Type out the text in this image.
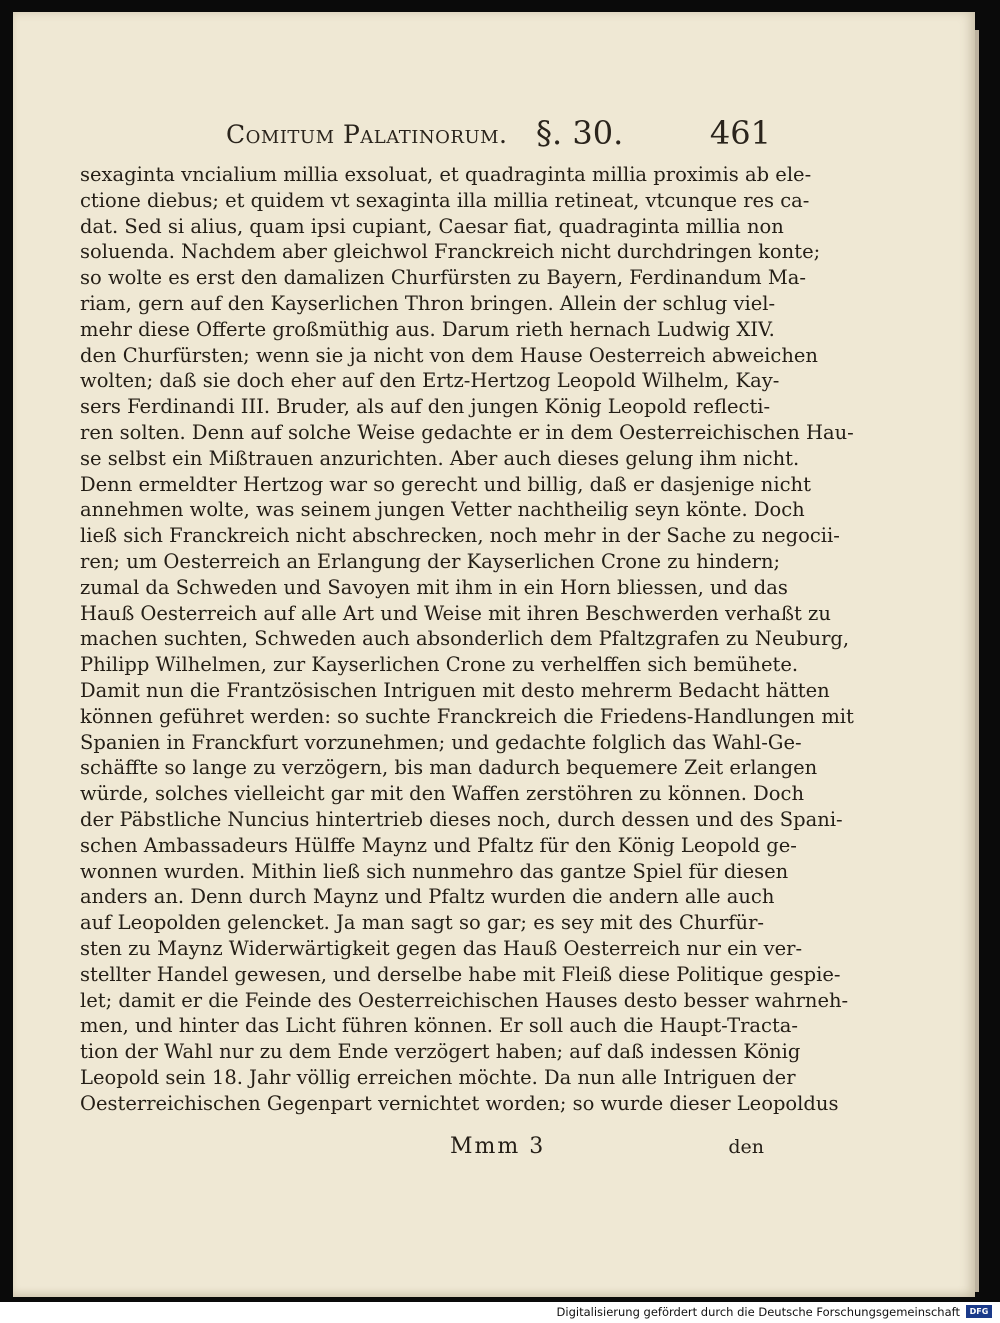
Comitum Palatinorum. §. 30.	461
sexaginta vncialium millia exsoluat, et quadraginta millia proximis ab ele-
ctione diebus; et quidem vt sexaginta illa millia retineat, vtcunque res ca-
dat. Sed si alius, quam ipsi cupiant, Caesar fiat, quadraginta millia non
soluenda. Nachdem aber gleichwol Franckreich nicht durchdringen konte;
so wolte es erst den damalizen Churfürsten zu Bayern, Ferdinandum Ma-
riam, gern auf den Kayserlichen Thron bringen. Allein der schlug viel-
mehr diese Offerte großmüthig aus. Darum rieth hernach Ludwig XIV.
den Churfürsten; wenn sie ja nicht von dem Hause Oesterreich abweichen
wolten; daß sie doch eher auf den Ertz-Hertzog Leopold Wilhelm, Kay-
sers Ferdinandi III. Bruder, als auf den jungen König Leopold reflecti-
ren solten. Denn auf solche Weise gedachte er in dem Oesterreichischen Hau-
se selbst ein Mißtrauen anzurichten. Aber auch dieses gelung ihm nicht.
Denn ermeldter Hertzog war so gerecht und billig, daß er dasjenige nicht
annehmen wolte, was seinem jungen Vetter nachtheilig seyn könte. Doch
ließ sich Franckreich nicht abschrecken, noch mehr in der Sache zu negocii-
ren; um Oesterreich an Erlangung der Kayserlichen Crone zu hindern;
zumal da Schweden und Savoyen mit ihm in ein Horn bliessen, und das
Hauß Oesterreich auf alle Art und Weise mit ihren Beschwerden verhaßt zu
machen suchten, Schweden auch absonderlich dem Pfaltzgrafen zu Neuburg,
Philipp Wilhelmen, zur Kayserlichen Crone zu verhelffen sich bemühete.
Damit nun die Frantzösischen Intriguen mit desto mehrerm Bedacht hätten
können geführet werden: so suchte Franckreich die Friedens-Handlungen mit
Spanien in Franckfurt vorzunehmen; und gedachte folglich das Wahl-Ge-
schäffte so lange zu verzögern, bis man dadurch bequemere Zeit erlangen
würde, solches vielleicht gar mit den Waffen zerstöhren zu können. Doch
der Päbstliche Nuncius hintertrieb dieses noch, durch dessen und des Spani-
schen Ambassadeurs Hülffe Maynz und Pfaltz für den König Leopold ge-
wonnen wurden. Mithin ließ sich nunmehro das gantze Spiel für diesen
anders an. Denn durch Maynz und Pfaltz wurden die andern alle auch
auf Leopolden gelencket. Ja man sagt so gar; es sey mit des Churfür-
sten zu Maynz Widerwärtigkeit gegen das Hauß Oesterreich nur ein ver-
stellter Handel gewesen, und derselbe habe mit Fleiß diese Politique gespie-
let; damit er die Feinde des Oesterreichischen Hauses desto besser wahrneh-
men, und hinter das Licht führen können. Er soll auch die Haupt-Tracta-
tion der Wahl nur zu dem Ende verzögert haben; auf daß indessen König
Leopold sein 18. Jahr völlig erreichen möchte. Da nun alle Intriguen der
Oesterreichischen Gegenpart vernichtet worden; so wurde dieser Leopoldus
Mmm 3	den
Digitalisierung gefördert durch die Deutsche Forschungsgemeinschaft	DFG
